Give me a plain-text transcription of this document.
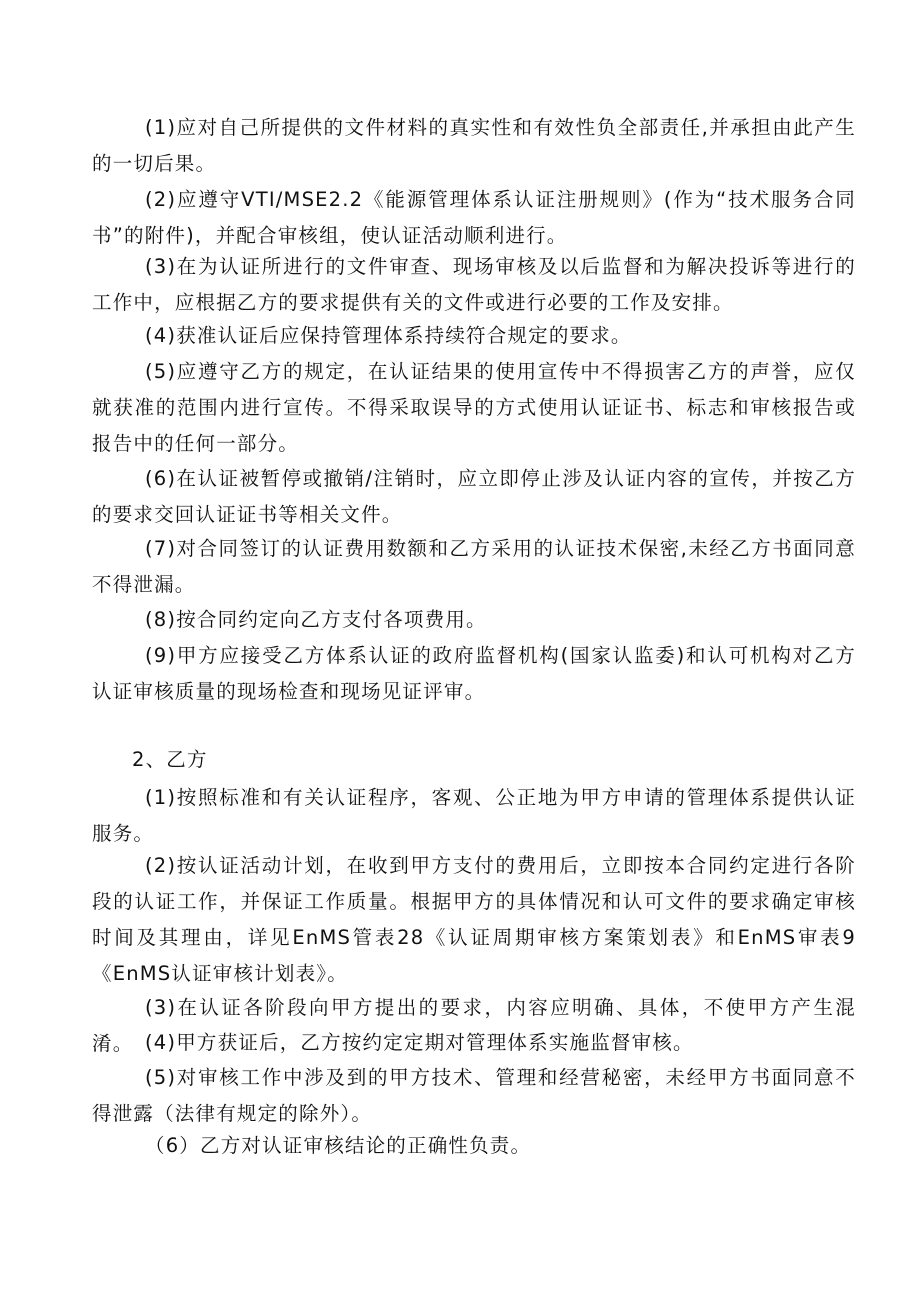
(1)应对自己所提供的文件材料的真实性和有效性负全部责任,并承担由此产生的一切后果。

(2)应遵守VTI/MSE2.2《能源管理体系认证注册规则》(作为“技术服务合同书”的附件)，并配合审核组，使认证活动顺利进行。

(3)在为认证所进行的文件审查、现场审核及以后监督和为解决投诉等进行的工作中，应根据乙方的要求提供有关的文件或进行必要的工作及安排。

(4)获准认证后应保持管理体系持续符合规定的要求。

(5)应遵守乙方的规定，在认证结果的使用宣传中不得损害乙方的声誉，应仅就获准的范围内进行宣传。不得采取误导的方式使用认证证书、标志和审核报告或报告中的任何一部分。

(6)在认证被暂停或撤销/注销时，应立即停止涉及认证内容的宣传，并按乙方的要求交回认证证书等相关文件。

(7)对合同签订的认证费用数额和乙方采用的认证技术保密,未经乙方书面同意不得泄漏。

(8)按合同约定向乙方支付各项费用。

(9)甲方应接受乙方体系认证的政府监督机构(国家认监委)和认可机构对乙方认证审核质量的现场检查和现场见证评审。

2、乙方

(1)按照标准和有关认证程序，客观、公正地为甲方申请的管理体系提供认证服务。

(2)按认证活动计划，在收到甲方支付的费用后，立即按本合同约定进行各阶段的认证工作，并保证工作质量。根据甲方的具体情况和认可文件的要求确定审核时间及其理由，详见EnMS管表28《认证周期审核方案策划表》和EnMS审表9《EnMS认证审核计划表》。

(3)在认证各阶段向甲方提出的要求，内容应明确、具体，不使甲方产生混淆。 (4)甲方获证后，乙方按约定定期对管理体系实施监督审核。

(5)对审核工作中涉及到的甲方技术、管理和经营秘密，未经甲方书面同意不得泄露（法律有规定的除外）。

（6）乙方对认证审核结论的正确性负责。
